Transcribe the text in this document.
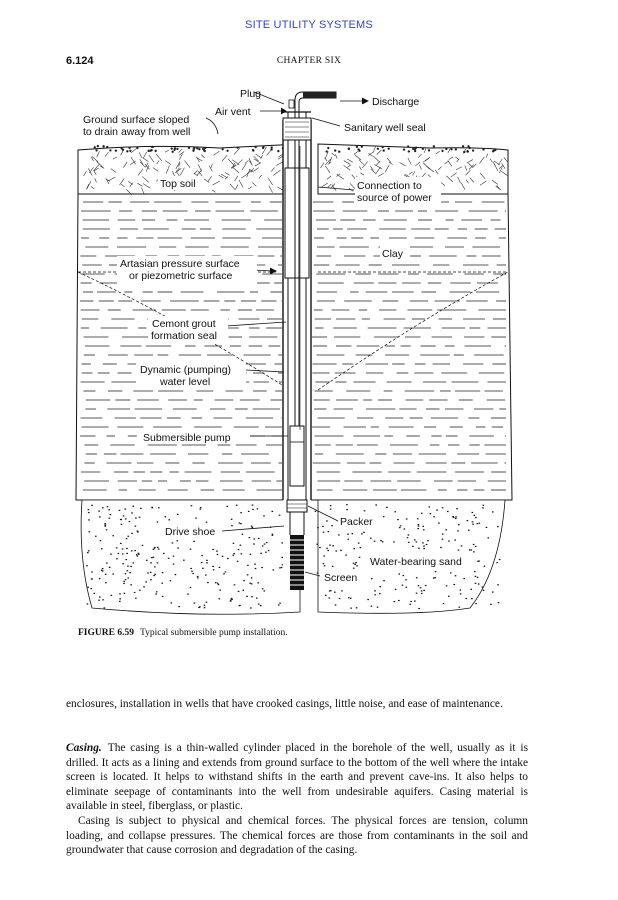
SITE UTILITY SYSTEMS
6.124	CHAPTER SIX
Plug
Air vent
Discharge
Ground surface sloped
to drain away from well	Sanitary well seal
Top soil	Connection to
source of power
Clay
Artasian pressure surface
or piezometric surface
Cemont grout
formation seal
Dynamic (pumping)
water level
Submersible pump
Packer
Drive shoe
Water-bearing sand
Screen
FIGURE 6.59 Typical submersible pump installation.

enclosures, installation in wells that have crooked casings, little noise, and ease of maintenance.

Casing. The casing is a thin-walled cylinder placed in the borehole of the well, usually as it is drilled. It acts as a lining and extends from ground surface to the bottom of the well where the intake screen is located. It helps to withstand shifts in the earth and prevent cave-ins. It also helps to eliminate seepage of contaminants into the well from undesirable aquifers. Casing material is available in steel, fiberglass, or plastic.

Casing is subject to physical and chemical forces. The physical forces are tension, column loading, and collapse pressures. The chemical forces are those from contaminants in the soil and groundwater that cause corrosion and degradation of the casing.
